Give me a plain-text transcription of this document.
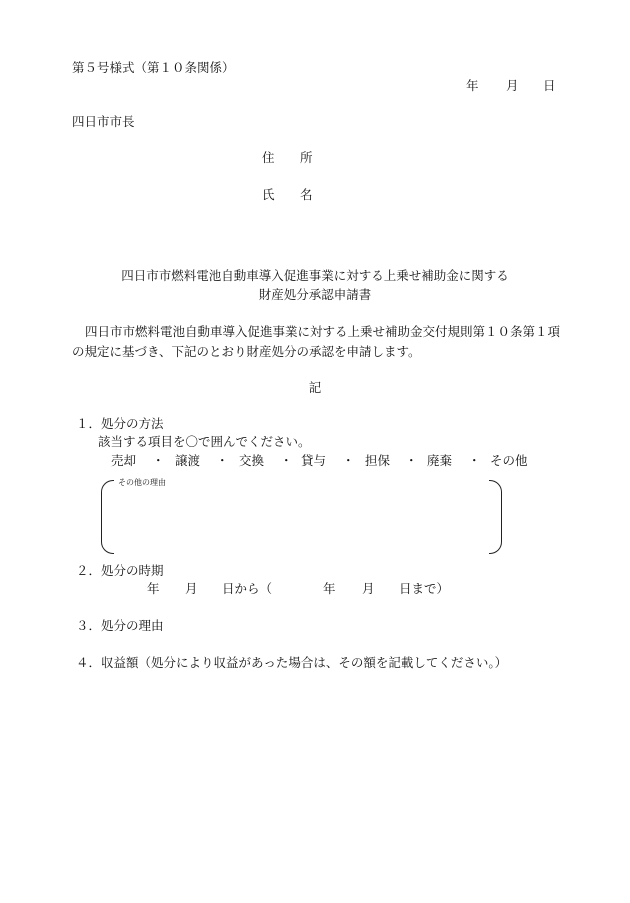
第５号様式（第１０条関係）
年 月 日
四日市市長
住 所
氏 名
四日市市燃料電池自動車導入促進事業に対する上乗せ補助金に関する
財産処分承認申請書
四日市市燃料電池自動車導入促進事業に対する上乗せ補助金交付規則第１０条第１項
の規定に基づき、下記のとおり財産処分の承認を申請します。
記
１．処分の方法
該当する項目を〇で囲んでください。
売却 ・ 譲渡 ・ 交換 ・ 貸与 ・ 担保 ・ 廃棄 ・ その他
その他の理由
２．処分の時期
年 月 日から（	年 月 日まで）
３．処分の理由
４．収益額（処分により収益があった場合は、その額を記載してください。）
